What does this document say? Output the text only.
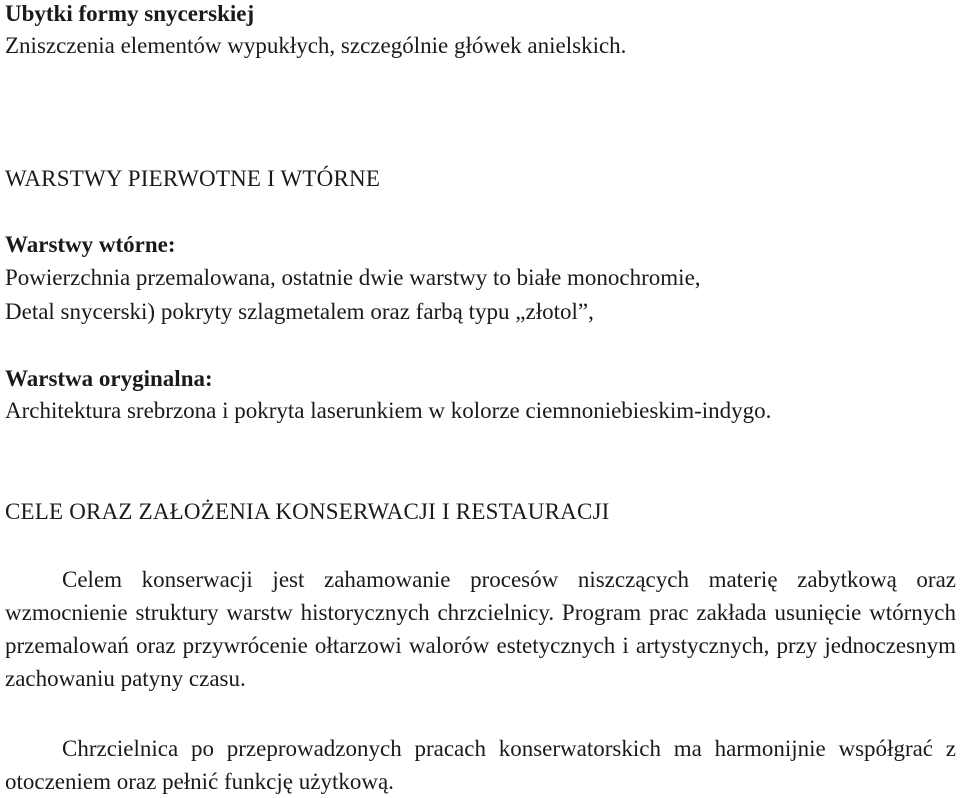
Ubytki formy snycerskiej

Zniszczenia elementów wypukłych, szczególnie główek anielskich.

WARSTWY PIERWOTNE I WTÓRNE

Warstwy wtórne:

Powierzchnia przemalowana, ostatnie dwie warstwy to białe monochromie,

Detal snycerski) pokryty szlagmetalem oraz farbą typu „złotol”,

Warstwa oryginalna:

Architektura srebrzona i pokryta laserunkiem w kolorze ciemnoniebieskim-indygo.

CELE ORAZ ZAŁOŻENIA KONSERWACJI I RESTAURACJI

Celem konserwacji jest zahamowanie procesów niszczących materię zabytkową oraz wzmocnienie struktury warstw historycznych chrzcielnicy. Program prac zakłada usunięcie wtórnych przemalowań oraz przywrócenie ołtarzowi walorów estetycznych i artystycznych, przy jednoczesnym zachowaniu patyny czasu.

Chrzcielnica po przeprowadzonych pracach konserwatorskich ma harmonijnie współgrać z otoczeniem oraz pełnić funkcję użytkową.
